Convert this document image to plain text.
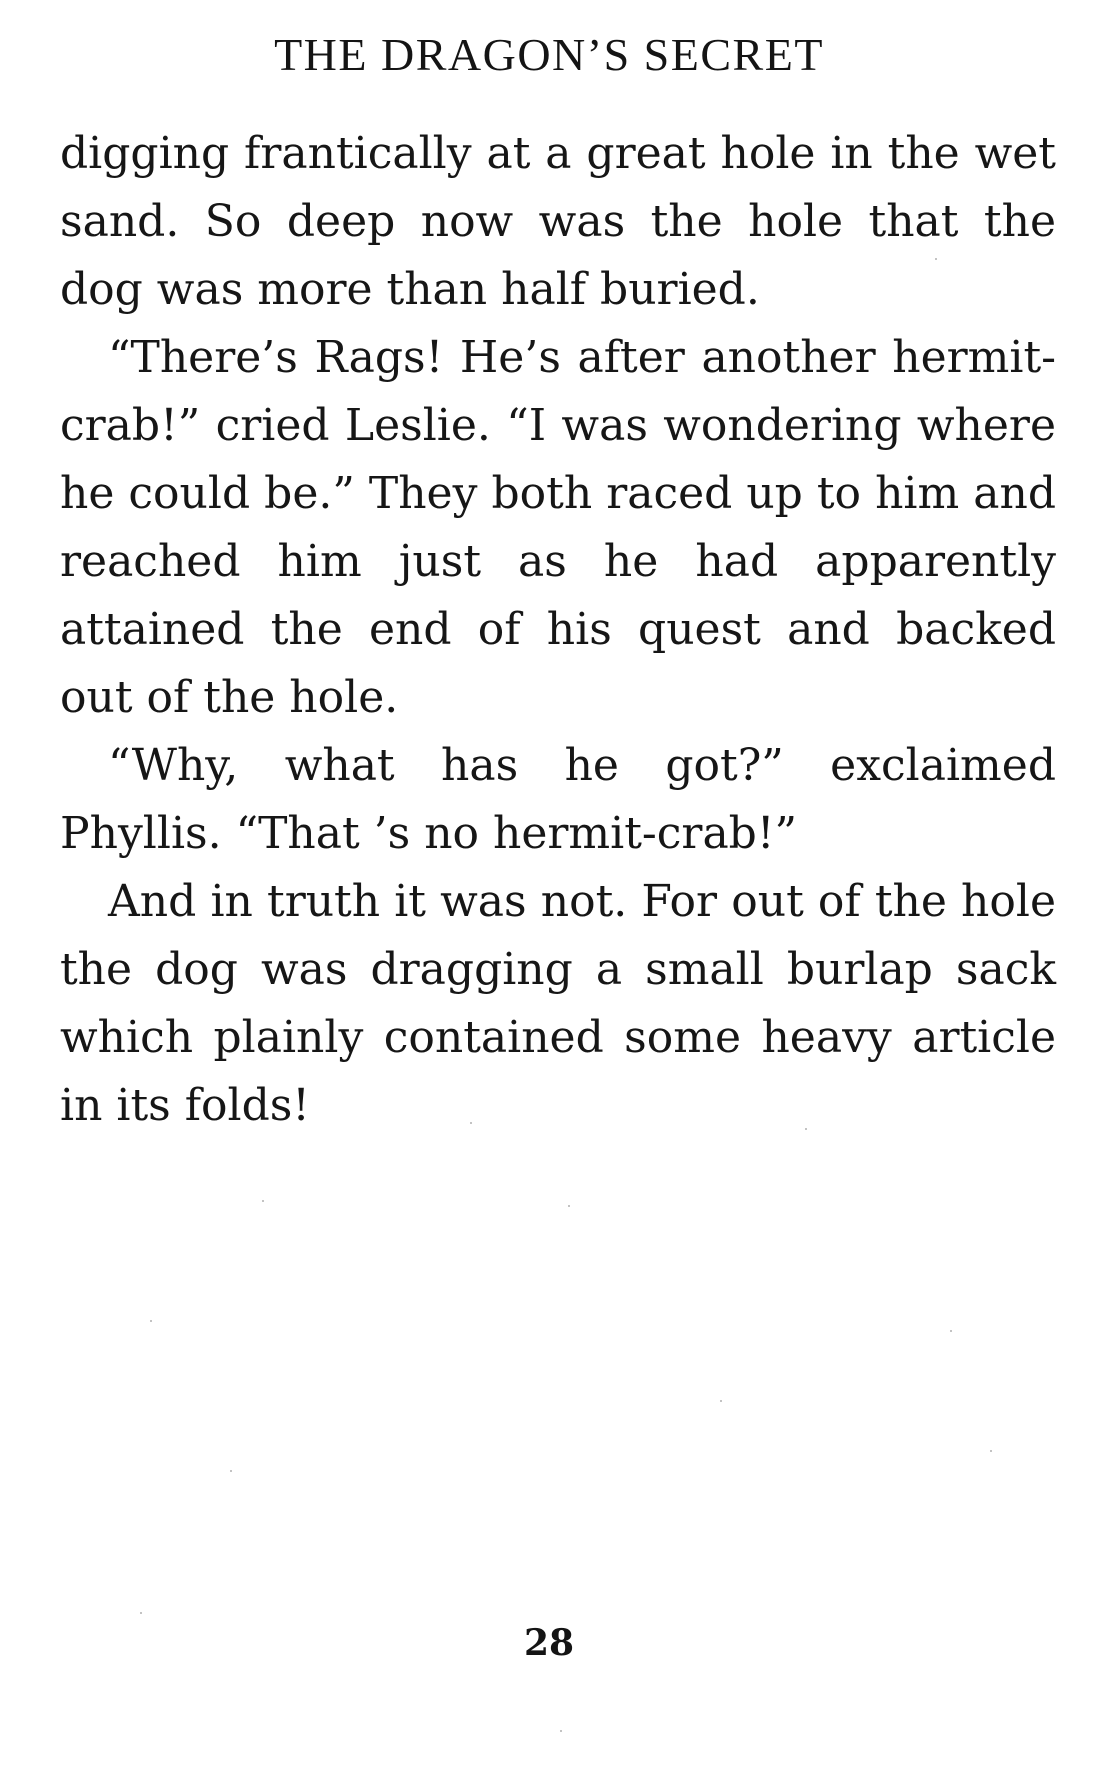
THE DRAGON’S SECRET

digging frantically at a great hole in the wet sand. So deep now was the hole that the dog was more than half buried.

“There’s Rags! He’s after another hermit-crab!” cried Leslie. “I was wondering where he could be.” They both raced up to him and reached him just as he had apparently attained the end of his quest and backed out of the hole.

“Why, what has he got?” exclaimed Phyllis. “That ’s no hermit-crab!”

And in truth it was not. For out of the hole the dog was dragging a small burlap sack which plainly contained some heavy article in its folds!

28
